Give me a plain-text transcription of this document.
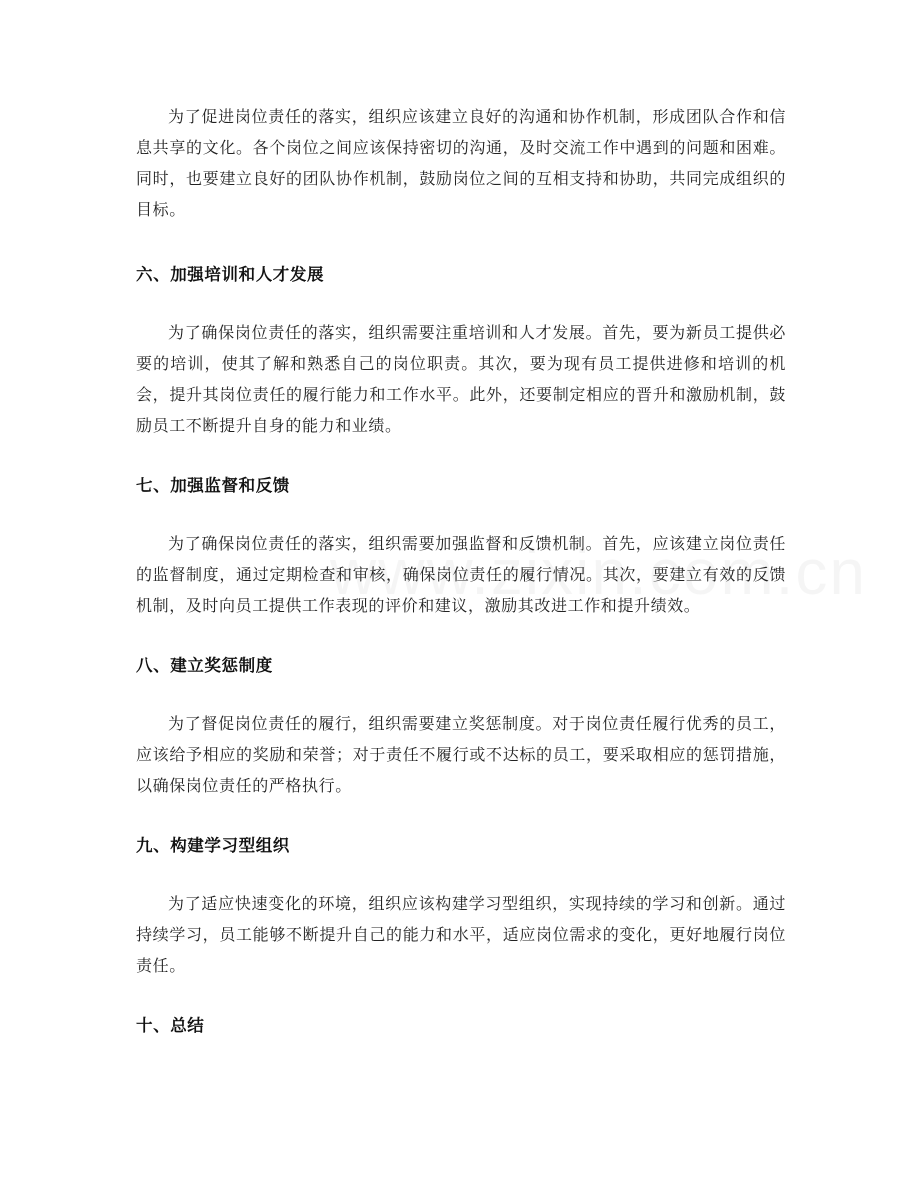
为了促进岗位责任的落实，组织应该建立良好的沟通和协作机制，形成团队合作和信息共享的文化。各个岗位之间应该保持密切的沟通，及时交流工作中遇到的问题和困难。同时，也要建立良好的团队协作机制，鼓励岗位之间的互相支持和协助，共同完成组织的目标。

六、加强培训和人才发展

为了确保岗位责任的落实，组织需要注重培训和人才发展。首先，要为新员工提供必要的培训，使其了解和熟悉自己的岗位职责。其次，要为现有员工提供进修和培训的机会，提升其岗位责任的履行能力和工作水平。此外，还要制定相应的晋升和激励机制，鼓励员工不断提升自身的能力和业绩。

七、加强监督和反馈

为了确保岗位责任的落实，组织需要加强监督和反馈机制。首先，应该建立岗位责任的监督制度，通过定期检查和审核，确保岗位责任的履行情况。其次，要建立有效的反馈机制，及时向员工提供工作表现的评价和建议，激励其改进工作和提升绩效。

八、建立奖惩制度

为了督促岗位责任的履行，组织需要建立奖惩制度。对于岗位责任履行优秀的员工，应该给予相应的奖励和荣誉；对于责任不履行或不达标的员工，要采取相应的惩罚措施，以确保岗位责任的严格执行。

九、构建学习型组织

为了适应快速变化的环境，组织应该构建学习型组织，实现持续的学习和创新。通过持续学习，员工能够不断提升自己的能力和水平，适应岗位需求的变化，更好地履行岗位责任。

十、总结
